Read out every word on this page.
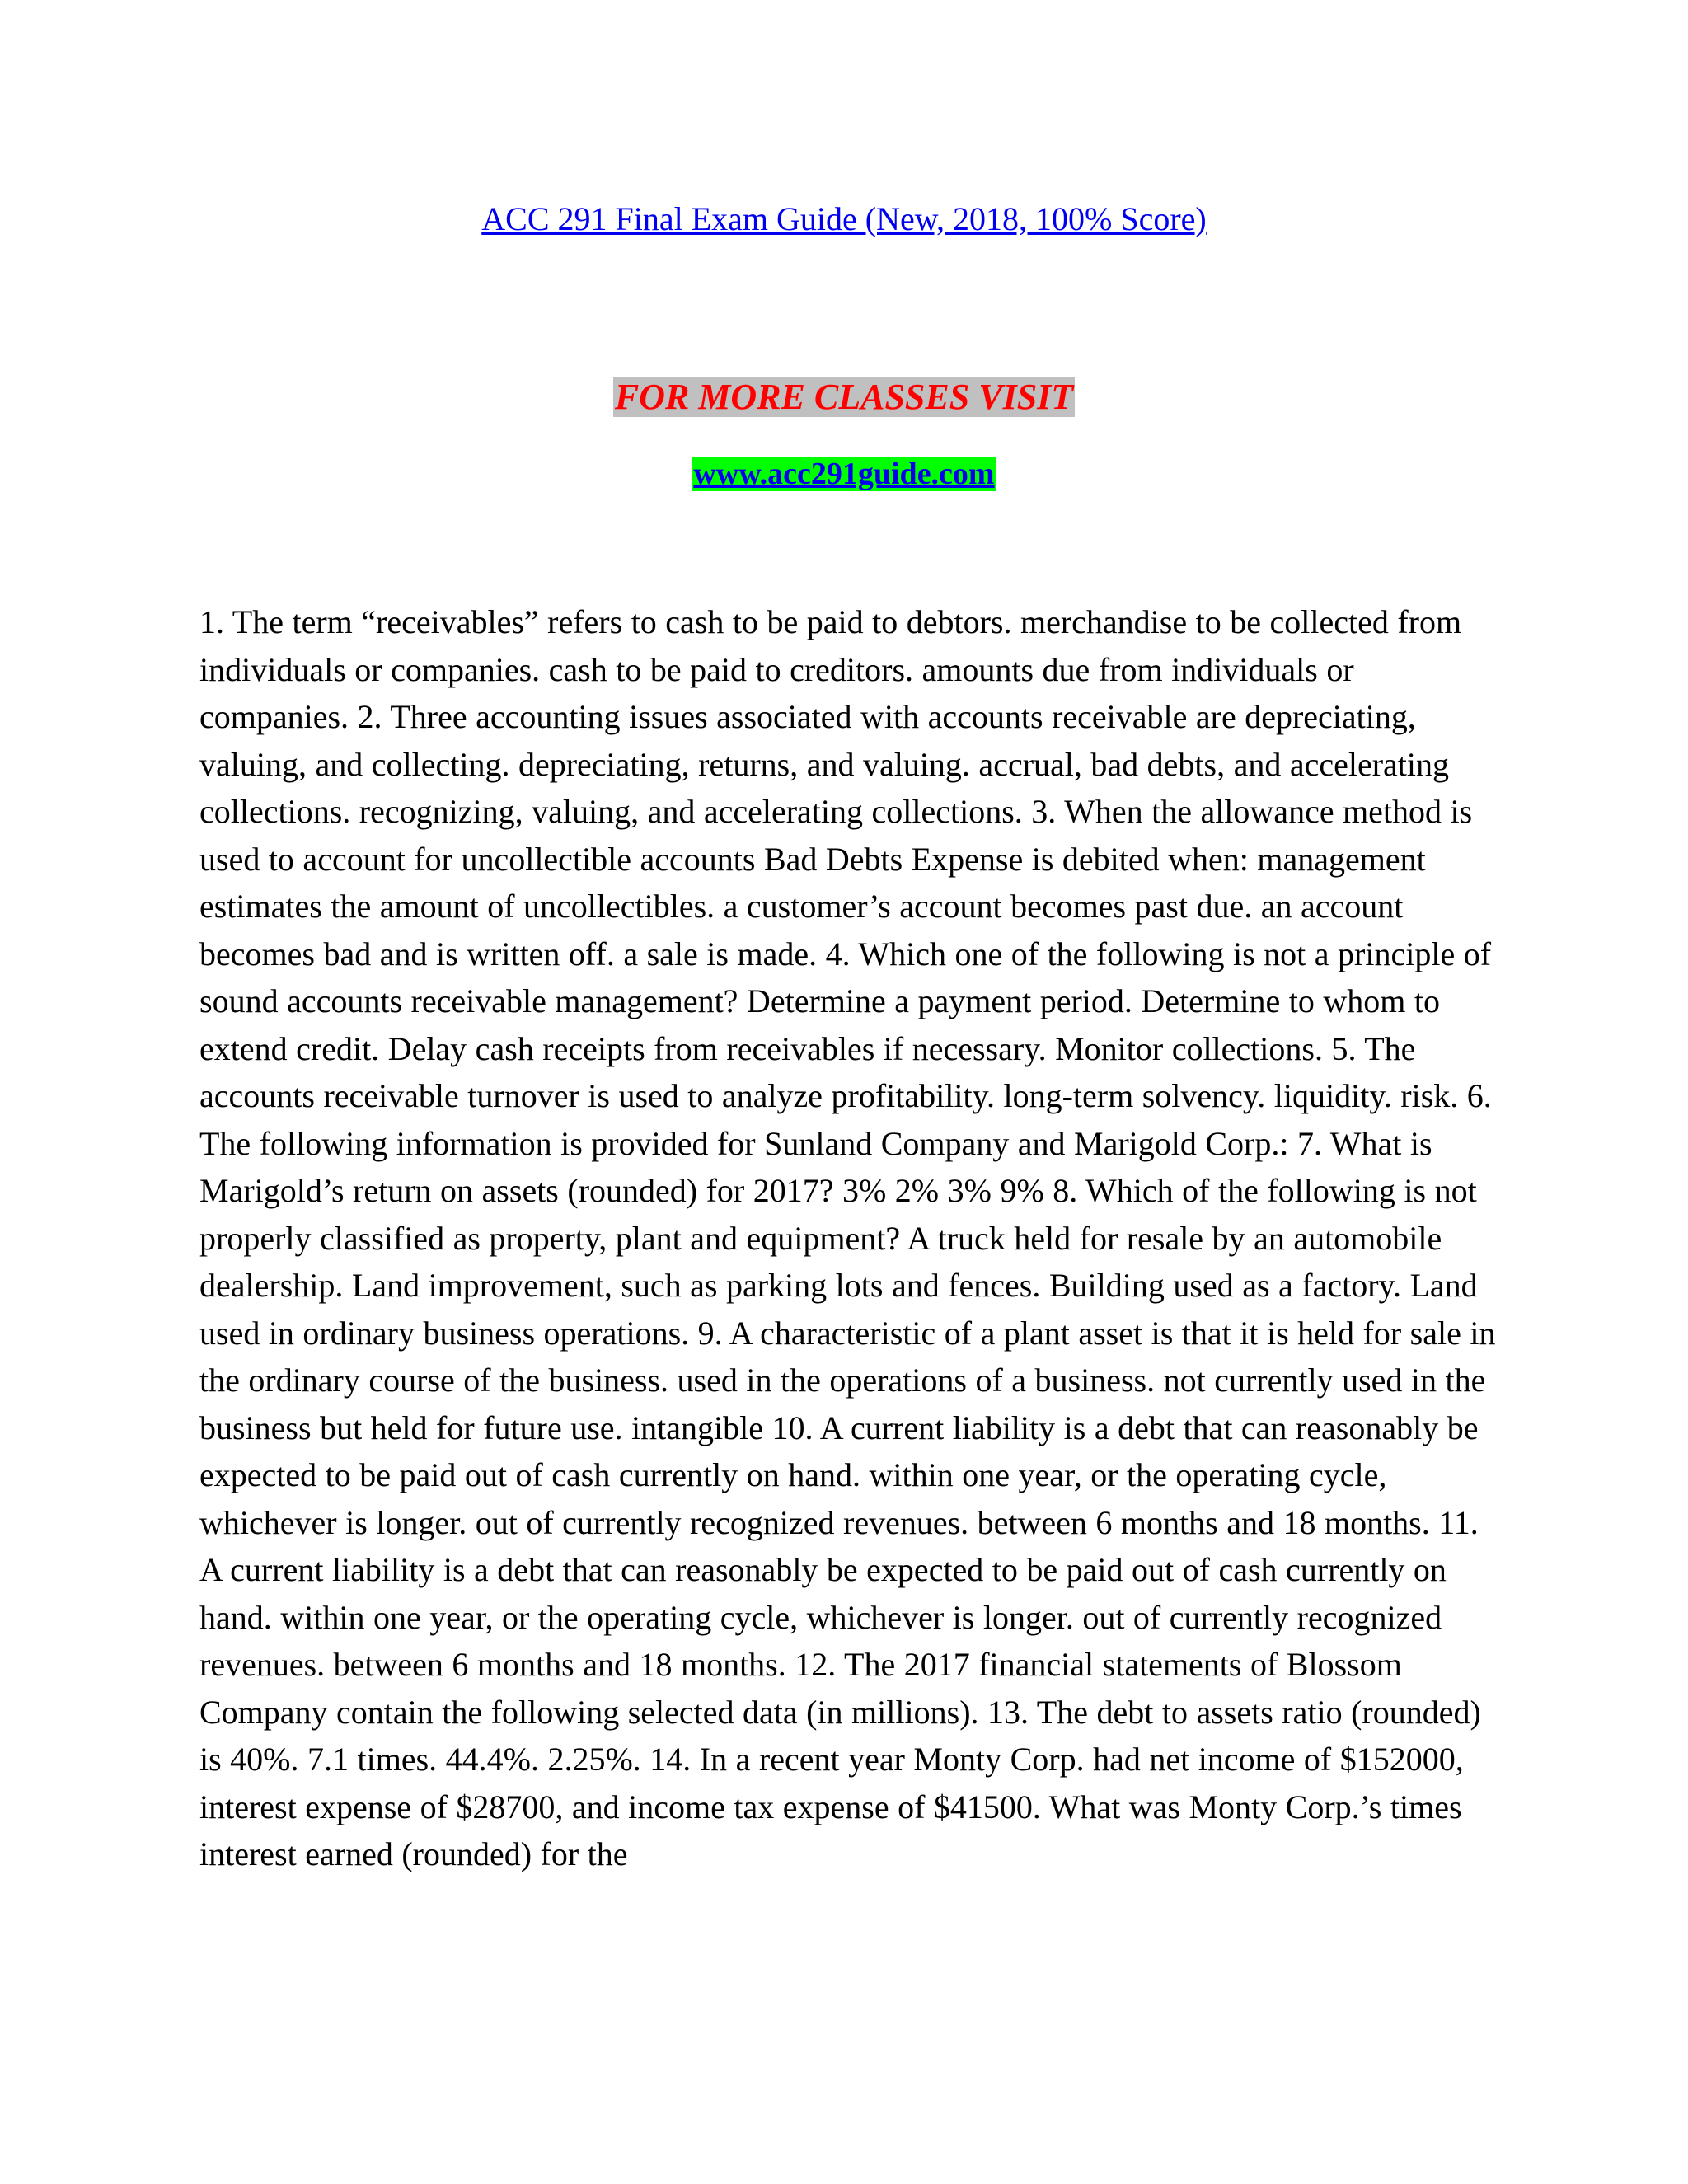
ACC 291 Final Exam Guide (New, 2018, 100% Score)
FOR MORE CLASSES VISIT
www.acc291guide.com

1. The term “receivables” refers to cash to be paid to debtors. merchandise to be collected from individuals or companies. cash to be paid to creditors. amounts due from individuals or companies. 2. Three accounting issues associated with accounts receivable are depreciating, valuing, and collecting. depreciating, returns, and valuing. accrual, bad debts, and accelerating collections. recognizing, valuing, and accelerating collections. 3. When the allowance method is used to account for uncollectible accounts Bad Debts Expense is debited when: management estimates the amount of uncollectibles. a customer’s account becomes past due. an account becomes bad and is written off. a sale is made. 4. Which one of the following is not a principle of sound accounts receivable management? Determine a payment period. Determine to whom to extend credit. Delay cash receipts from receivables if necessary. Monitor collections. 5. The accounts receivable turnover is used to analyze profitability. long-term solvency. liquidity. risk. 6. The following information is provided for Sunland Company and Marigold Corp.: 7. What is Marigold’s return on assets (rounded) for 2017? 3% 2% 3% 9% 8. Which of the following is not properly classified as property, plant and equipment? A truck held for resale by an automobile dealership. Land improvement, such as parking lots and fences. Building used as a factory. Land used in ordinary business operations. 9. A characteristic of a plant asset is that it is held for sale in the ordinary course of the business. used in the operations of a business. not currently used in the business but held for future use. intangible 10. A current liability is a debt that can reasonably be expected to be paid out of cash currently on hand. within one year, or the operating cycle, whichever is longer. out of currently recognized revenues. between 6 months and 18 months. 11. A current liability is a debt that can reasonably be expected to be paid out of cash currently on hand. within one year, or the operating cycle, whichever is longer. out of currently recognized revenues. between 6 months and 18 months. 12. The 2017 financial statements of Blossom Company contain the following selected data (in millions). 13. The debt to assets ratio (rounded) is 40%. 7.1 times. 44.4%. 2.25%. 14. In a recent year Monty Corp. had net income of $152000, interest expense of $28700, and income tax expense of $41500. What was Monty Corp.’s times interest earned (rounded) for the
